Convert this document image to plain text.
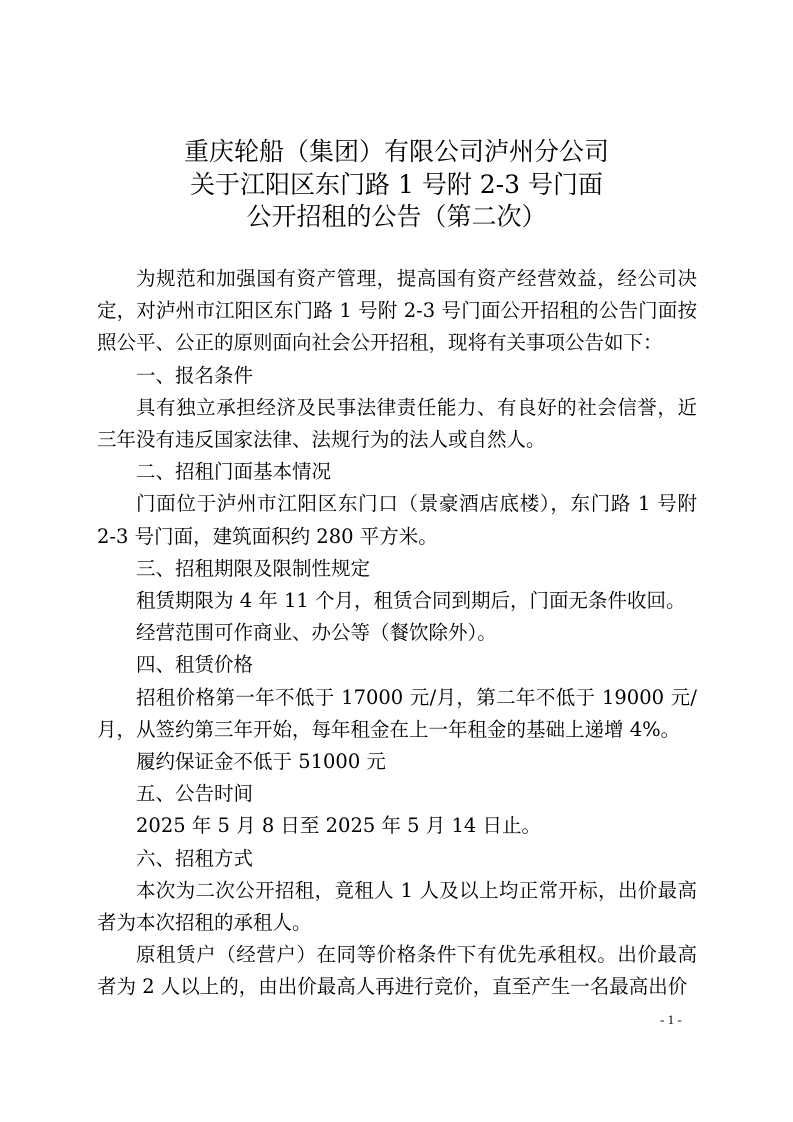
重庆轮船（集团）有限公司泸州分公司
关于江阳区东门路 1 号附 2-3 号门面
公开招租的公告（第二次）

为规范和加强国有资产管理，提高国有资产经营效益，经公司决定，对泸州市江阳区东门路 1 号附 2-3 号门面公开招租的公告门面按照公平、公正的原则面向社会公开招租，现将有关事项公告如下：

一、报名条件

具有独立承担经济及民事法律责任能力、有良好的社会信誉，近三年没有违反国家法律、法规行为的法人或自然人。

二、招租门面基本情况

门面位于泸州市江阳区东门口（景豪酒店底楼），东门路 1 号附 2-3 号门面，建筑面积约 280 平方米。

三、招租期限及限制性规定

租赁期限为 4 年 11 个月，租赁合同到期后，门面无条件收回。

经营范围可作商业、办公等（餐饮除外）。

四、租赁价格

招租价格第一年不低于 17000 元/月，第二年不低于 19000 元/月，从签约第三年开始，每年租金在上一年租金的基础上递增 4%。

履约保证金不低于 51000 元

五、公告时间

2025 年 5 月 8 日至 2025 年 5 月 14 日止。

六、招租方式

本次为二次公开招租，竟租人 1 人及以上均正常开标，出价最高者为本次招租的承租人。

原租赁户（经营户）在同等价格条件下有优先承租权。出价最高者为 2 人以上的，由出价最高人再进行竞价，直至产生一名最高出价

- 1 -
